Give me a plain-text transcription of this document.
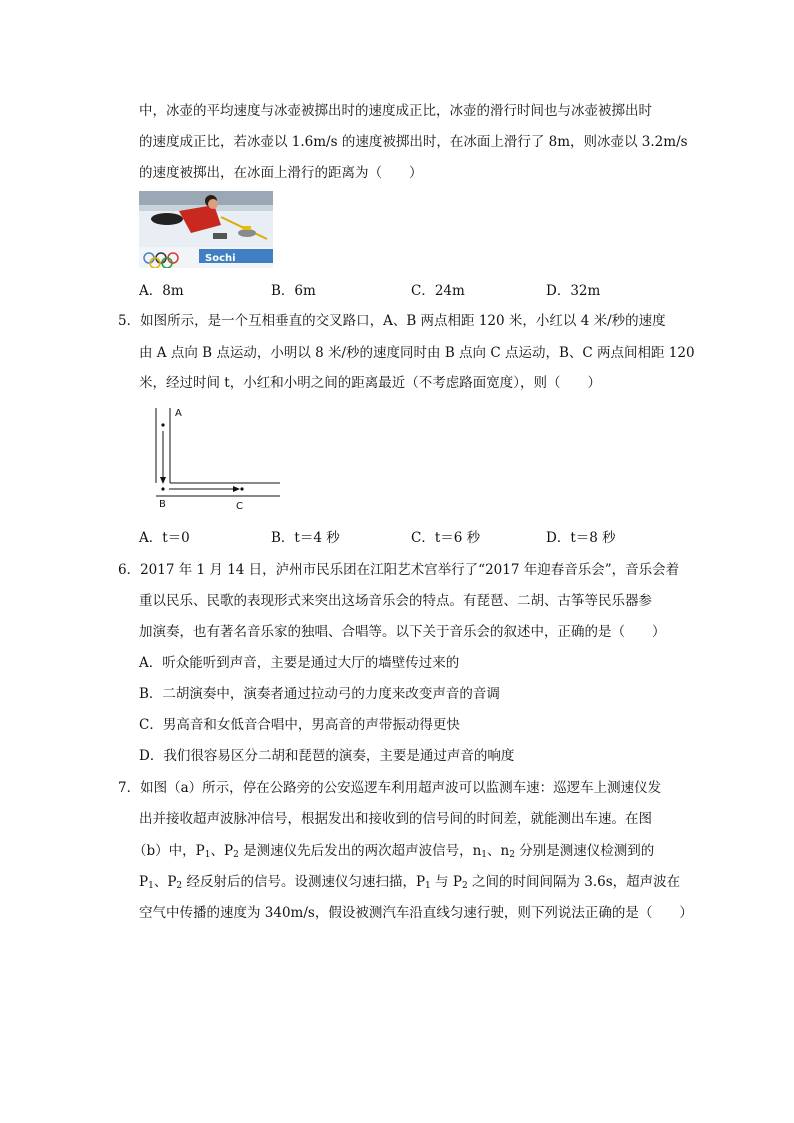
中，冰壶的平均速度与冰壶被掷出时的速度成正比，冰壶的滑行时间也与冰壶被掷出时
的速度成正比，若冰壶以 1.6m/s 的速度被掷出时，在冰面上滑行了 8m，则冰壶以 3.2m/s
的速度被掷出，在冰面上滑行的距离为（　　）
Sochi
A．8m	B．6m	C．24m	D．32m
5．如图所示，是一个互相垂直的交叉路口，A、B 两点相距 120 米，小红以 4 米/秒的速度
由 A 点向 B 点运动，小明以 8 米/秒的速度同时由 B 点向 C 点运动，B、C 两点间相距 120
米，经过时间 t，小红和小明之间的距离最近（不考虑路面宽度），则（　　）
A
B	C
A．t＝0	B．t＝4 秒	C．t＝6 秒	D．t＝8 秒
6．2017 年 1 月 14 日，泸州市民乐团在江阳艺术宫举行了“2017 年迎春音乐会”，音乐会着
重以民乐、民歌的表现形式来突出这场音乐会的特点。有琵琶、二胡、古筝等民乐器参
加演奏，也有著名音乐家的独唱、合唱等。以下关于音乐会的叙述中，正确的是（　　）
A．听众能听到声音，主要是通过大厅的墙壁传过来的
B．二胡演奏中，演奏者通过拉动弓的力度来改变声音的音调
C．男高音和女低音合唱中，男高音的声带振动得更快
D．我们很容易区分二胡和琵琶的演奏，主要是通过声音的响度
7．如图（a）所示，停在公路旁的公安巡逻车利用超声波可以监测车速：巡逻车上测速仪发
出并接收超声波脉冲信号，根据发出和接收到的信号间的时间差，就能测出车速。在图
（b）中，$P_1$、$P_2$ 是测速仪先后发出的两次超声波信号，$n_1$、$n_2$ 分别是测速仪检测到的
$P_1$、$P_2$ 经反射后的信号。设测速仪匀速扫描，$P_1$ 与 $P_2$ 之间的时间间隔为 3.6s，超声波在
空气中传播的速度为 340m/s，假设被测汽车沿直线匀速行驶，则下列说法正确的是（　　）
